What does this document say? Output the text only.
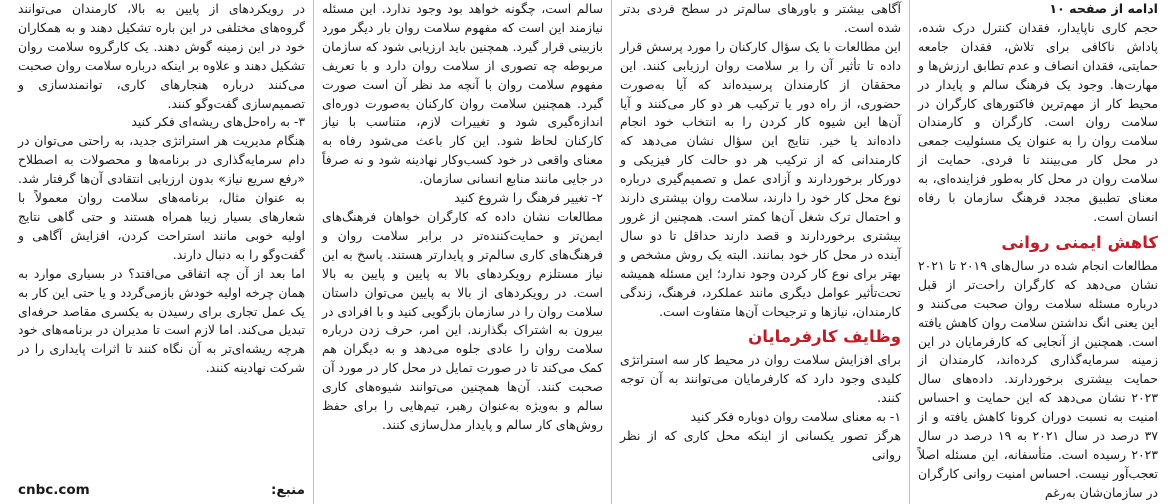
ادامه از صفحه ۱۰

حجم کاری ناپایدار، فقدان کنترل درک شده، پاداش ناکافی برای تلاش، فقدان جامعه حمایتی، فقدان انصاف و عدم تطابق ارزش‌ها و مهارت‌ها. وجود یک فرهنگ سالم و پایدار در محیط کار از مهم‌ترین فاکتورهای کارگران در سلامت روان است. کارگران و کارمندان سلامت روان را به عنوان یک مسئولیت جمعی در محل کار می‌بینند تا فردی. حمایت از سلامت روان در محل کار به‌طور فزاینده‌ای، به معنای تطبیق مجدد فرهنگ سازمان با رفاه انسان است.

کاهش ایمنی روانی

مطالعات انجام شده در سال‌های ۲۰۱۹ تا ۲۰۲۱ نشان می‌دهد که کارگران راحت‌تر از قبل درباره مسئله سلامت روان صحبت می‌کنند و این یعنی انگ نداشتن سلامت روان کاهش یافته است. همچنین از آنجایی که کارفرمایان در این زمینه سرمایه‌گذاری کرده‌اند، کارمندان از حمایت بیشتری برخوردارند. داده‌های سال ۲۰۲۳ نشان می‌دهد که این حمایت و احساس امنیت به نسبت دوران کرونا کاهش یافته و از ۳۷ درصد در سال ۲۰۲۱ به ۱۹ درصد در سال ۲۰۲۳ رسیده است. متأسفانه، این مسئله اصلاً تعجب‌آور نیست. احساس امنیت روانی کارگران در سازمان‌شان به‌رغم

آگاهی بیشتر و باورهای سالم‌تر در سطح فردی بدتر شده است.

این مطالعات با یک سؤال کارکنان را مورد پرسش قرار داده تا تأثیر آن را بر سلامت روان ارزیابی کنند. این محققان از کارمندان پرسیده‌اند که آیا به‌صورت حضوری، از راه دور یا ترکیب هر دو کار می‌کنند و آیا آن‌ها این شیوه کار کردن را به انتخاب خود انجام داده‌اند یا خیر. نتایج این سؤال نشان می‌دهد که کارمندانی که از ترکیب هر دو حالت کار فیزیکی و دورکار برخوردارند و آزادی عمل و تصمیم‌گیری درباره نوع محل کار خود را دارند، سلامت روان بیشتری دارند و احتمال ترک شغل آن‌ها کمتر است. همچنین از غرور بیشتری برخوردارند و قصد دارند حداقل تا دو سال آینده در محل کار خود بمانند. البته یک روش مشخص و بهتر برای نوع کار کردن وجود ندارد؛ این مسئله همیشه تحت‌تأثیر عوامل دیگری مانند عملکرد، فرهنگ، زندگی کارمندان، نیازها و ترجیحات آن‌ها متفاوت است.

وظایف کارفرمایان

برای افزایش سلامت روان در محیط کار سه استراتژی کلیدی وجود دارد که کارفرمایان می‌توانند به آن توجه کنند.

۱- به معنای سلامت روان دوباره فکر کنید

هرگز تصور یکسانی از اینکه محل کاری که از نظر روانی

سالم است، چگونه خواهد بود وجود ندارد. این مسئله نیازمند این است که مفهوم سلامت روان بار دیگر مورد بازبینی قرار گیرد. همچنین باید ارزیابی شود که سازمان مربوطه چه تصوری از سلامت روان دارد و با تعریف مفهوم سلامت روان با آنچه مد نظر آن است صورت گیرد. همچنین سلامت روان کارکنان به‌صورت دوره‌ای اندازه‌گیری شود و تغییرات لازم، متناسب با نیاز کارکنان لحاظ شود. این کار باعث می‌شود رفاه به معنای واقعی در خود کسب‌وکار نهادینه شود و نه صرفاً در جایی مانند منابع انسانی سازمان.

۲- تغییر فرهنگ را شروع کنید

مطالعات نشان داده که کارگران خواهان فرهنگ‌های ایمن‌تر و حمایت‌کننده‌تر در برابر سلامت روان و فرهنگ‌های کاری سالم‌تر و پایدارتر هستند. پاسخ به این نیاز مستلزم رویکردهای بالا به پایین و پایین به بالا است. در رویکردهای از بالا به پایین می‌توان داستان سلامت روان را در سازمان بازگویی کنید و با افرادی در بیرون به اشتراک بگذارند. این امر، حرف زدن درباره سلامت روان را عادی جلوه می‌دهد و به دیگران هم کمک می‌کند تا در صورت تمایل در محل کار در مورد آن صحبت کنند. آن‌ها همچنین می‌توانند شیوه‌های کاری سالم و به‌ویژه به‌عنوان رهبر، تیم‌هایی را برای حفظ روش‌های کار سالم و پایدار مدل‌سازی کنند.

در رویکردهای از پایین به بالا، کارمندان می‌توانند گروه‌های مختلفی در این باره تشکیل دهند و به همکاران خود در این زمینه گوش دهند. یک کارگروه سلامت روان تشکیل دهند و علاوه بر اینکه درباره سلامت روان صحبت می‌کنند درباره هنجارهای کاری، توانمندسازی و تصمیم‌سازی گفت‌وگو کنند.

۳- به راه‌حل‌های ریشه‌ای فکر کنید

هنگام مدیریت هر استراتژی جدید، به راحتی می‌توان در دام سرمایه‌گذاری در برنامه‌ها و محصولات به اصطلاح «رفع سریع نیاز» بدون ارزیابی انتقادی آن‌ها گرفتار شد. به عنوان مثال، برنامه‌های سلامت روان معمولاً با شعارهای بسیار زیبا همراه هستند و حتی گاهی نتایج اولیه خوبی مانند استراحت کردن، افزایش آگاهی و گفت‌وگو را به دنبال دارند.

اما بعد از آن چه اتفاقی می‌افتد؟ در بسیاری موارد به همان چرخه اولیه خودش بازمی‌گردد و یا حتی این کار به یک عمل تجاری برای رسیدن به یکسری مقاصد حرفه‌ای تبدیل می‌کند. اما لازم است تا مدیران در برنامه‌های خود هرچه ریشه‌ای‌تر به آن نگاه کنند تا اثرات پایداری را در شرکت نهادینه کنند.

منبع:
cnbc.com
